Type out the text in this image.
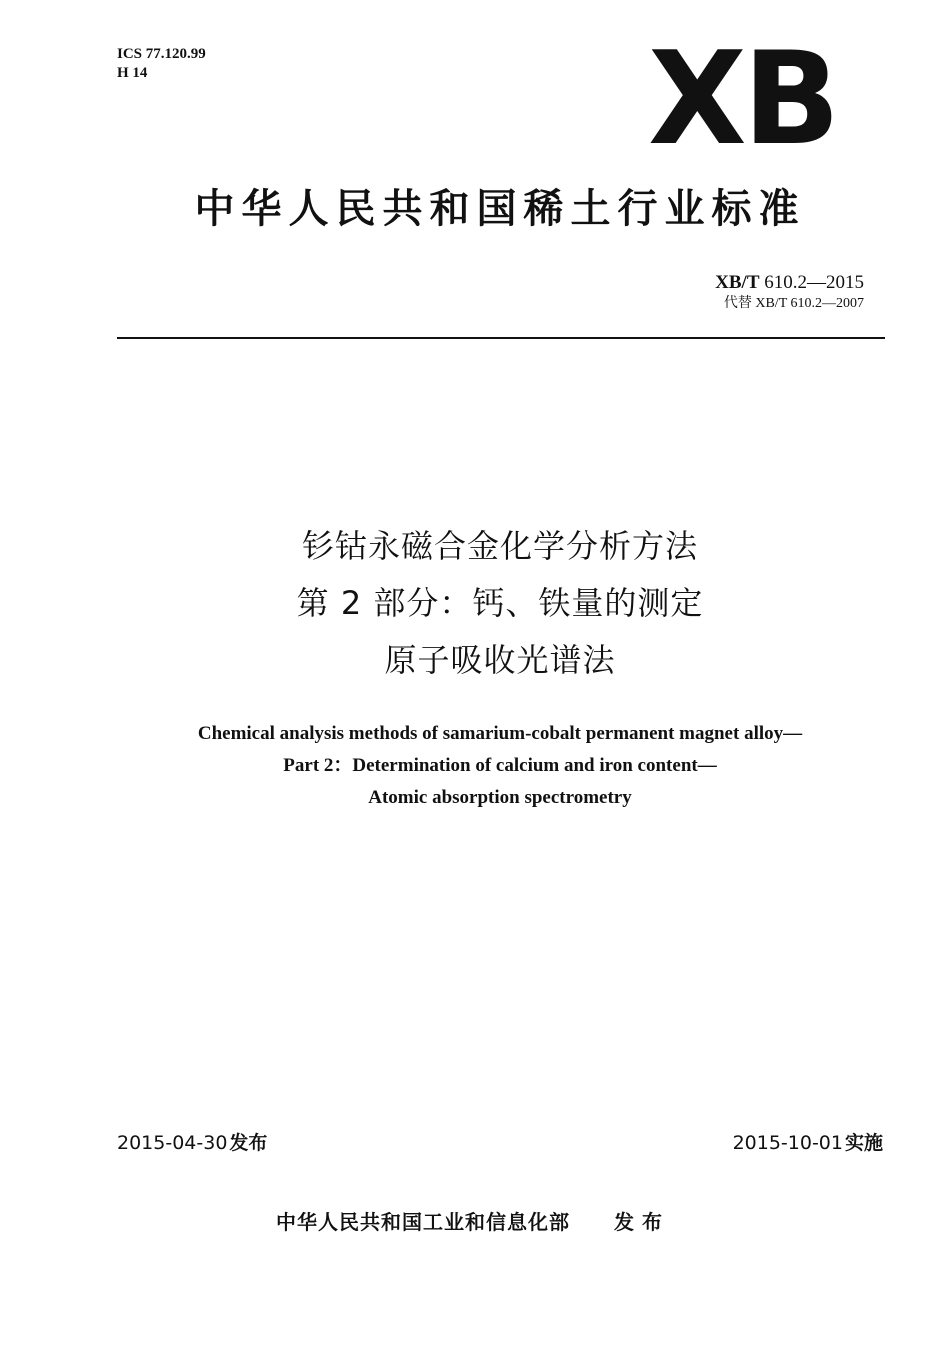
ICS 77.120.99
H 14	XB
中华人民共和国稀土行业标准
XB/T 610.2—2015
代替 XB/T 610.2—2007
钐钴永磁合金化学分析方法
第 2 部分：钙、铁量的测定
原子吸收光谱法
Chemical analysis methods of samarium-cobalt permanent magnet alloy—
Part 2：Determination of calcium and iron content—
Atomic absorption spectrometry
2015-04-30 发布	2015-10-01 实施
中华人民共和国工业和信息化部 发布
